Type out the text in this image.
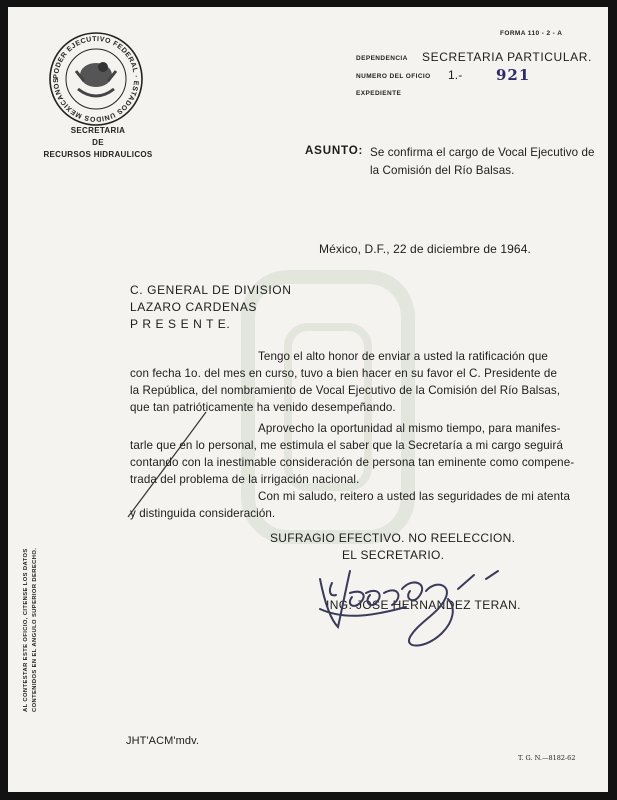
PODER EJECUTIVO FEDERAL · ESTADOS UNIDOS MEXICANOS
SECRETARIA
DE
RECURSOS HIDRAULICOS
FORMA 110 - 2 - A
DEPENDENCIA SECRETARIA PARTICULAR.
NUMERO DEL OFICIO 1.- 921
EXPEDIENTE
ASUNTO: Se confirma el cargo de Vocal Ejecutivo de
la Comisión del Río Balsas.
México, D.F., 22 de diciembre de 1964.
C. GENERAL DE DIVISION
LAZARO CARDENAS
P R E S E N T E.
Tengo el alto honor de enviar a usted la ratificación que
con fecha 1o. del mes en curso, tuvo a bien hacer en su favor el C. Presidente de
la República, del nombramiento de Vocal Ejecutivo de la Comisión del Río Balsas,
que tan patrióticamente ha venido desempeñando.
Aprovecho la oportunidad al mismo tiempo, para manifes-
tarle que en lo personal, me estimula el saber que la Secretaría a mi cargo seguirá
contando con la inestimable consideración de persona tan eminente como compene-
trada del problema de la irrigación nacional.
Con mi saludo, reitero a usted las seguridades de mi atenta
y distinguida consideración.
SUFRAGIO EFECTIVO. NO REELECCION.
EL SECRETARIO.
ING. JOSE HERNANDEZ TERAN.
AL CONTESTAR ESTE OFICIO, CITENSE LOS DATOS CONTENIDOS EN EL ANGULO SUPERIOR DERECHO.
JHT'ACM'mdv.
T. G. N.—8182-62
